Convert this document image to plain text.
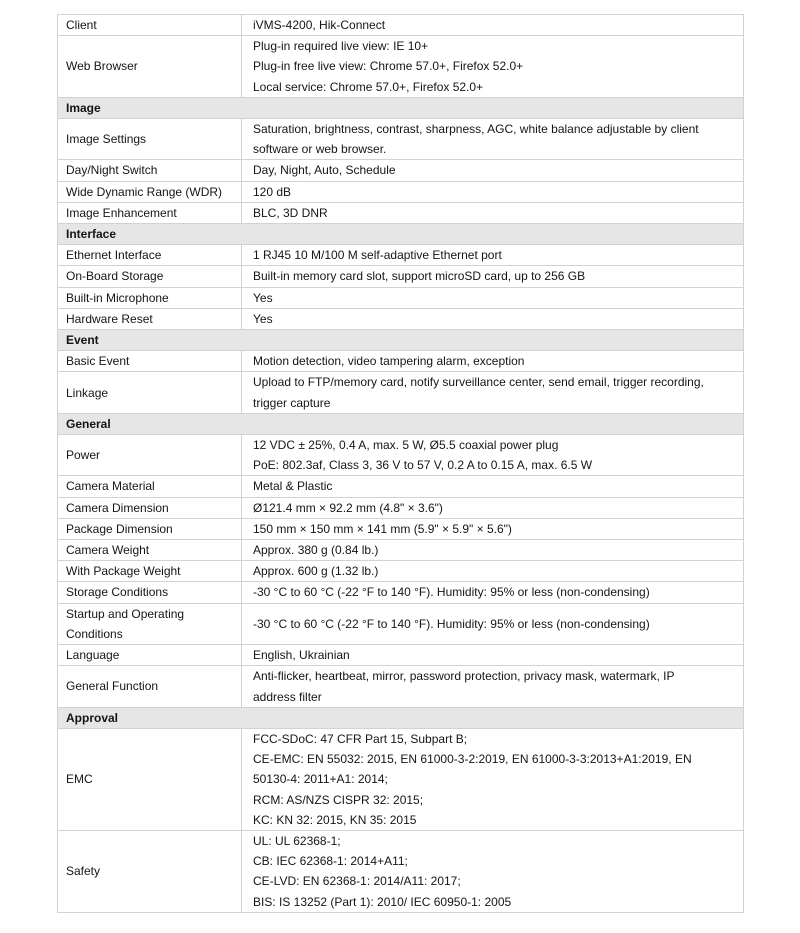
Client	iVMS-4200, Hik-Connect
Web Browser	Plug-in required live view: IE 10+
Plug-in free live view: Chrome 57.0+, Firefox 52.0+
Local service: Chrome 57.0+, Firefox 52.0+
Image	
Image Settings	Saturation, brightness, contrast, sharpness, AGC, white balance adjustable by client
software or web browser.
Day/Night Switch	Day, Night, Auto, Schedule
Wide Dynamic Range (WDR)	120 dB
Image Enhancement	BLC, 3D DNR
Interface	
Ethernet Interface	1 RJ45 10 M/100 M self-adaptive Ethernet port
On-Board Storage	Built-in memory card slot, support microSD card, up to 256 GB
Built-in Microphone	Yes
Hardware Reset	Yes
Event	
Basic Event	Motion detection, video tampering alarm, exception
Linkage	Upload to FTP/memory card, notify surveillance center, send email, trigger recording,
trigger capture
General	
Power	12 VDC ± 25%, 0.4 A, max. 5 W, Ø5.5 coaxial power plug
PoE: 802.3af, Class 3, 36 V to 57 V, 0.2 A to 0.15 A, max. 6.5 W
Camera Material	Metal & Plastic
Camera Dimension	Ø121.4 mm × 92.2 mm (4.8" × 3.6")
Package Dimension	150 mm × 150 mm × 141 mm (5.9" × 5.9" × 5.6")
Camera Weight	Approx. 380 g (0.84 lb.)
With Package Weight	Approx. 600 g (1.32 lb.)
Storage Conditions	-30 °C to 60 °C (-22 °F to 140 °F). Humidity: 95% or less (non-condensing)
Startup and Operating
Conditions	-30 °C to 60 °C (-22 °F to 140 °F). Humidity: 95% or less (non-condensing)
Language	English, Ukrainian
General Function	Anti-flicker, heartbeat, mirror, password protection, privacy mask, watermark, IP
address filter
Approval	
EMC	FCC-SDoC: 47 CFR Part 15, Subpart B;
CE-EMC: EN 55032: 2015, EN 61000-3-2:2019, EN 61000-3-3:2013+A1:2019, EN
50130-4: 2011+A1: 2014;
RCM: AS/NZS CISPR 32: 2015;
KC: KN 32: 2015, KN 35: 2015
Safety	UL: UL 62368-1;
CB: IEC 62368-1: 2014+A11;
CE-LVD: EN 62368-1: 2014/A11: 2017;
BIS: IS 13252 (Part 1): 2010/ IEC 60950-1: 2005
